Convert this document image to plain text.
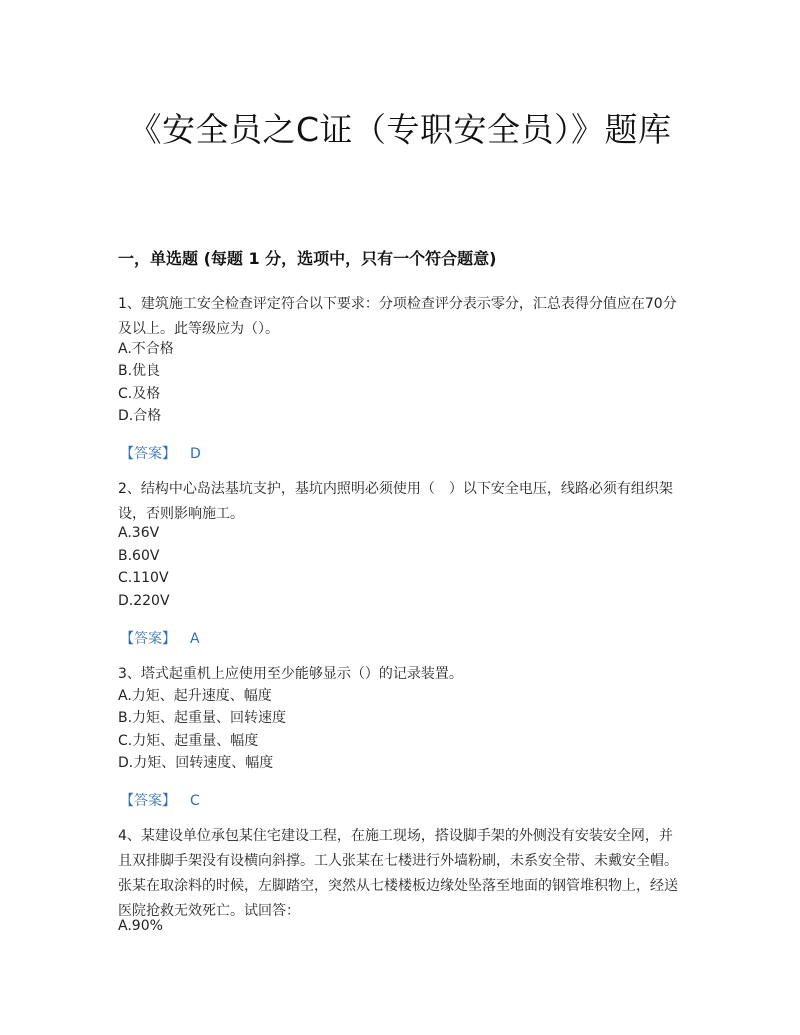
《安全员之C证（专职安全员）》题库
一，单选题 (每题 1 分，选项中，只有一个符合题意)
1、建筑施工安全检查评定符合以下要求：分项检查评分表示零分，汇总表得分值应在70分及以上。此等级应为（）。
A.不合格
B.优良
C.及格
D.合格
【答案】 D
2、结构中心岛法基坑支护，基坑内照明必须使用（　）以下安全电压，线路必须有组织架设，否则影响施工。
A.36V
B.60V
C.110V
D.220V
【答案】 A
3、塔式起重机上应使用至少能够显示（）的记录装置。
A.力矩、起升速度、幅度
B.力矩、起重量、回转速度
C.力矩、起重量、幅度
D.力矩、回转速度、幅度
【答案】 C
4、某建设单位承包某住宅建设工程，在施工现场，搭设脚手架的外侧没有安装安全网，并且双排脚手架没有设横向斜撑。工人张某在七楼进行外墙粉刷，未系安全带、未戴安全帽。张某在取涂料的时候，左脚踏空，突然从七楼楼板边缘处坠落至地面的钢管堆积物上，经送医院抢救无效死亡。试回答：
A.90%
